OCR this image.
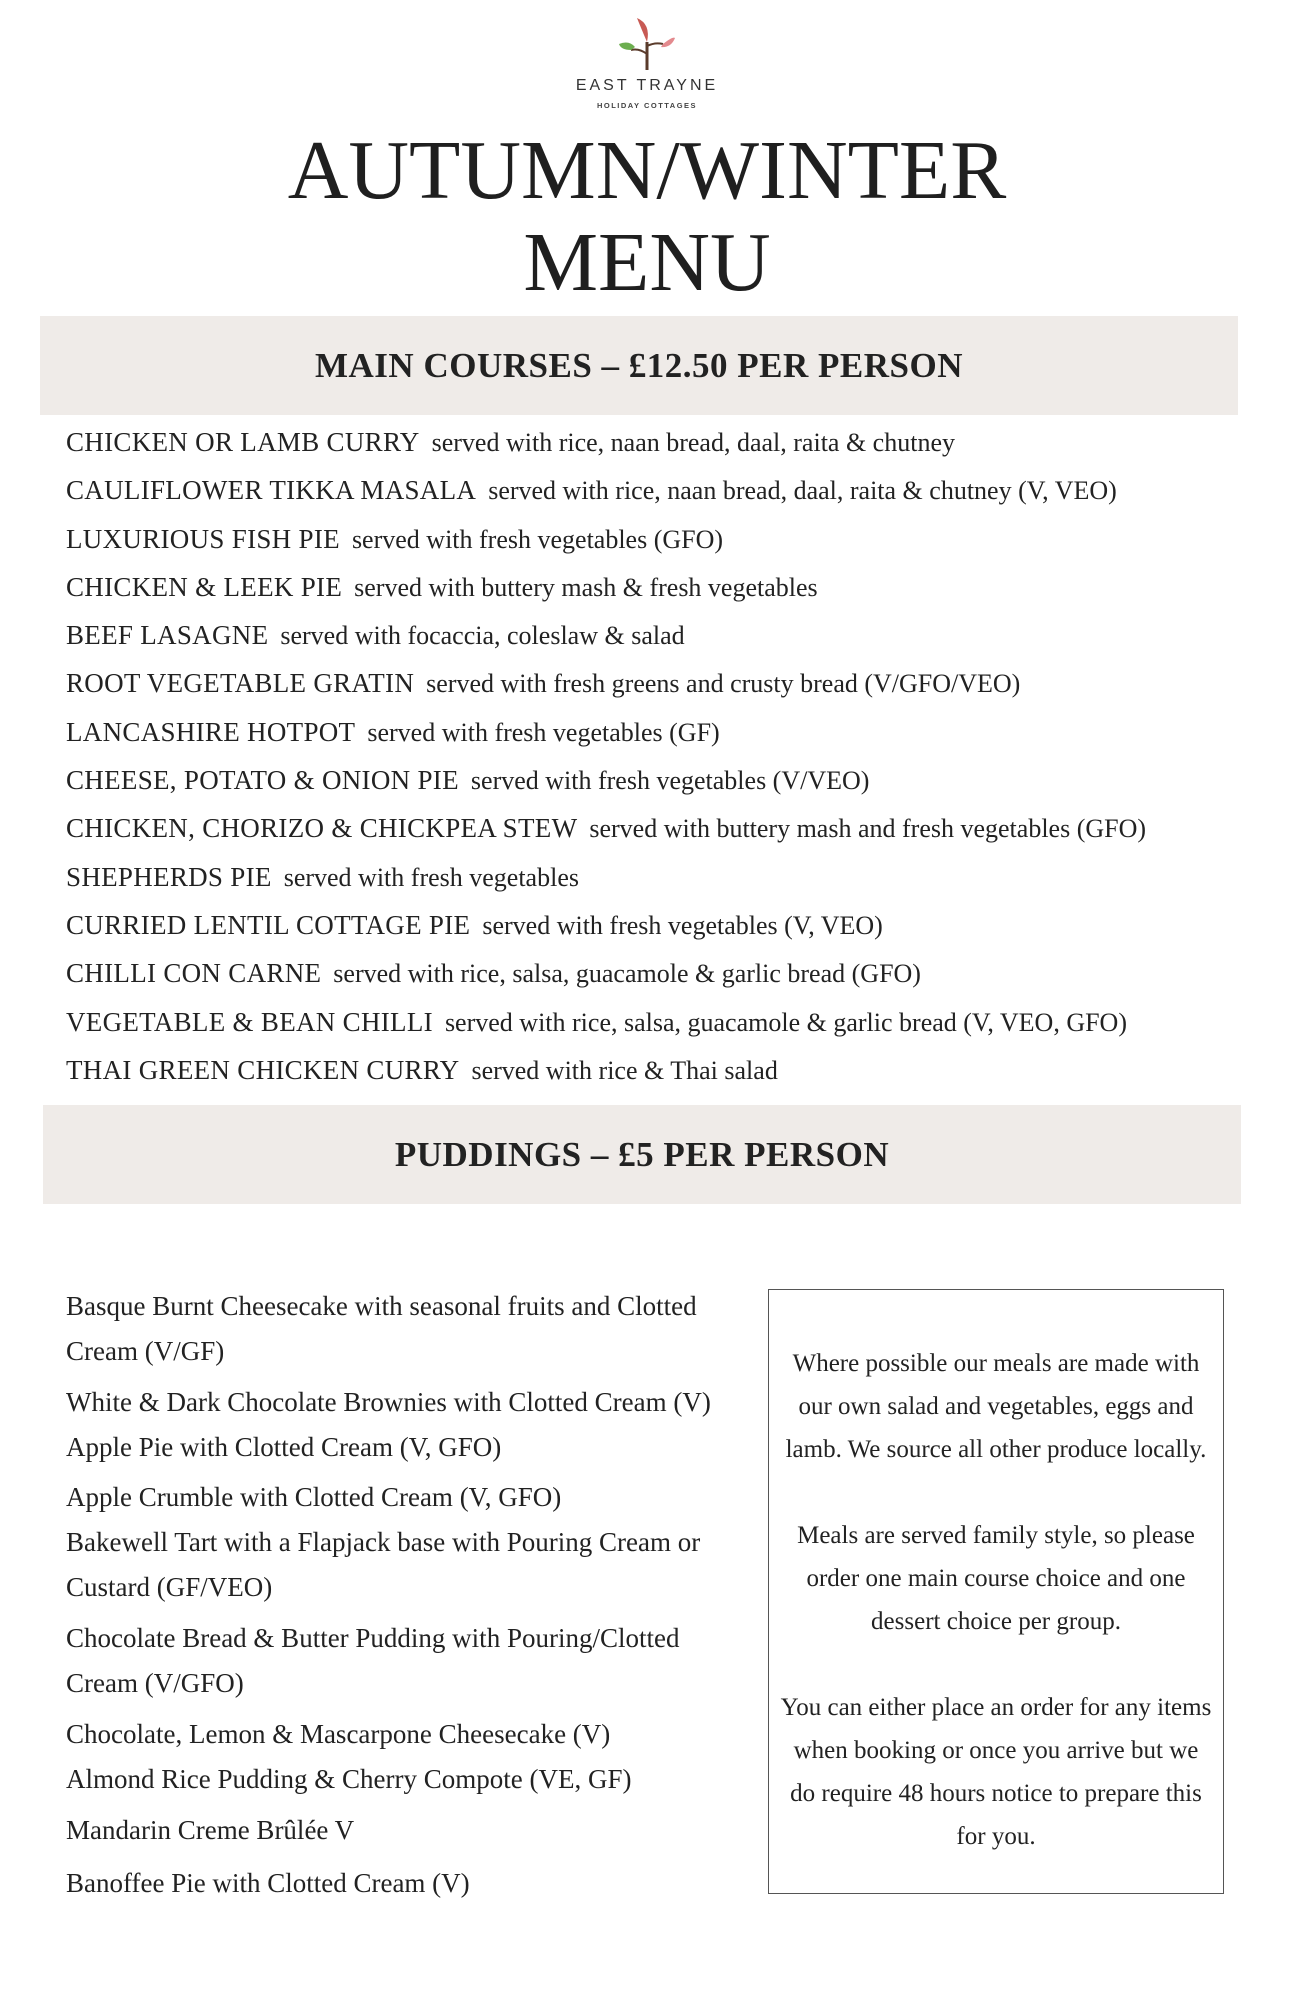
EAST TRAYNE
HOLIDAY COTTAGES
AUTUMN/WINTER
MENU
MAIN COURSES – £12.50 PER PERSON
CHICKEN OR LAMB CURRY served with rice, naan bread, daal, raita & chutney
CAULIFLOWER TIKKA MASALA served with rice, naan bread, daal, raita & chutney (V, VEO)
LUXURIOUS FISH PIE served with fresh vegetables (GFO)
CHICKEN & LEEK PIE served with buttery mash & fresh vegetables
BEEF LASAGNE served with focaccia, coleslaw & salad
ROOT VEGETABLE GRATIN served with fresh greens and crusty bread (V/GFO/VEO)
LANCASHIRE HOTPOT served with fresh vegetables (GF)
CHEESE, POTATO & ONION PIE served with fresh vegetables (V/VEO)
CHICKEN, CHORIZO & CHICKPEA STEW served with buttery mash and fresh vegetables (GFO)
SHEPHERDS PIE served with fresh vegetables
CURRIED LENTIL COTTAGE PIE served with fresh vegetables (V, VEO)
CHILLI CON CARNE served with rice, salsa, guacamole & garlic bread (GFO)
VEGETABLE & BEAN CHILLI served with rice, salsa, guacamole & garlic bread (V, VEO, GFO)
THAI GREEN CHICKEN CURRY served with rice & Thai salad
PUDDINGS – £5 PER PERSON
Basque Burnt Cheesecake with seasonal fruits and Clotted Cream (V/GF)
White & Dark Chocolate Brownies with Clotted Cream (V)
Apple Pie with Clotted Cream (V, GFO)
Apple Crumble with Clotted Cream (V, GFO)
Bakewell Tart with a Flapjack base with Pouring Cream or Custard (GF/VEO)
Chocolate Bread & Butter Pudding with Pouring/Clotted Cream (V/GFO)
Chocolate, Lemon & Mascarpone Cheesecake (V)
Almond Rice Pudding & Cherry Compote (VE, GF)
Mandarin Creme Brûlée V
Banoffee Pie with Clotted Cream (V)

Where possible our meals are made with our own salad and vegetables, eggs and lamb. We source all other produce locally.

Meals are served family style, so please order one main course choice and one dessert choice per group.

You can either place an order for any items when booking or once you arrive but we do require 48 hours notice to prepare this for you.
